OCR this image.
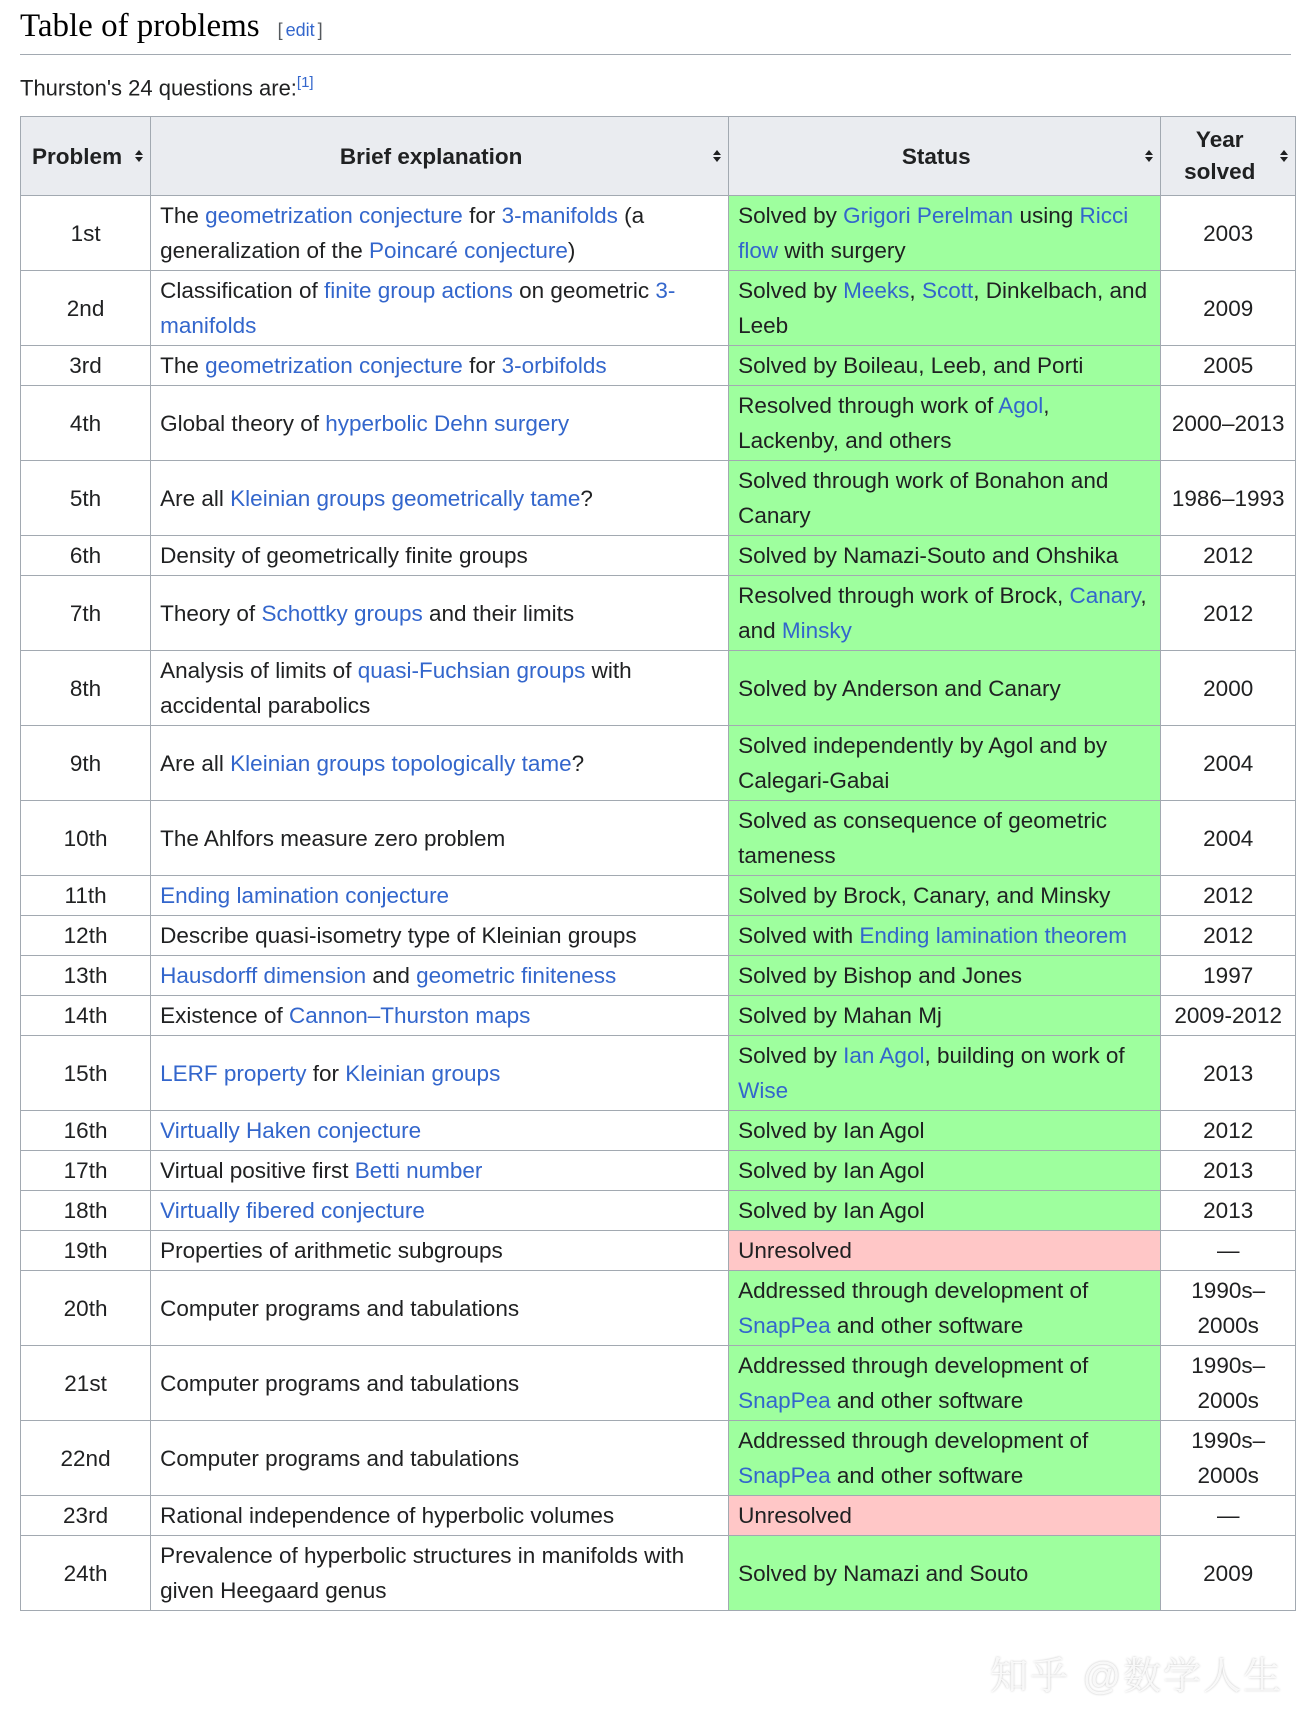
Table of problems [ edit ]

Thurston's 24 questions are:[1]

Problem	Brief explanation	Status	Year solved

1st	The geometrization conjecture for 3-manifolds (a generalization of the Poincaré conjecture)	Solved by Grigori Perelman using Ricci flow with surgery	2003
2nd	Classification of finite group actions on geometric 3-manifolds	Solved by Meeks, Scott, Dinkelbach, and Leeb	2009
3rd	The geometrization conjecture for 3-orbifolds	Solved by Boileau, Leeb, and Porti	2005
4th	Global theory of hyperbolic Dehn surgery	Resolved through work of Agol, Lackenby, and others	2000–2013
5th	Are all Kleinian groups geometrically tame?	Solved through work of Bonahon and Canary	1986–1993
6th	Density of geometrically finite groups	Solved by Namazi-Souto and Ohshika	2012
7th	Theory of Schottky groups and their limits	Resolved through work of Brock, Canary, and Minsky	2012
8th	Analysis of limits of quasi-Fuchsian groups with accidental parabolics	Solved by Anderson and Canary	2000
9th	Are all Kleinian groups topologically tame?	Solved independently by Agol and by Calegari-Gabai	2004
10th	The Ahlfors measure zero problem	Solved as consequence of geometric tameness	2004
11th	Ending lamination conjecture	Solved by Brock, Canary, and Minsky	2012
12th	Describe quasi-isometry type of Kleinian groups	Solved with Ending lamination theorem	2012
13th	Hausdorff dimension and geometric finiteness	Solved by Bishop and Jones	1997
14th	Existence of Cannon–Thurston maps	Solved by Mahan Mj	2009-2012
15th	LERF property for Kleinian groups	Solved by Ian Agol, building on work of Wise	2013
16th	Virtually Haken conjecture	Solved by Ian Agol	2012
17th	Virtual positive first Betti number	Solved by Ian Agol	2013
18th	Virtually fibered conjecture	Solved by Ian Agol	2013
19th	Properties of arithmetic subgroups	Unresolved	—
20th	Computer programs and tabulations	Addressed through development of SnapPea and other software	1990s–2000s
21st	Computer programs and tabulations	Addressed through development of SnapPea and other software	1990s–2000s
22nd	Computer programs and tabulations	Addressed through development of SnapPea and other software	1990s–2000s
23rd	Rational independence of hyperbolic volumes	Unresolved	—
24th	Prevalence of hyperbolic structures in manifolds with given Heegaard genus	Solved by Namazi and Souto	2009
知乎 @数学人生
